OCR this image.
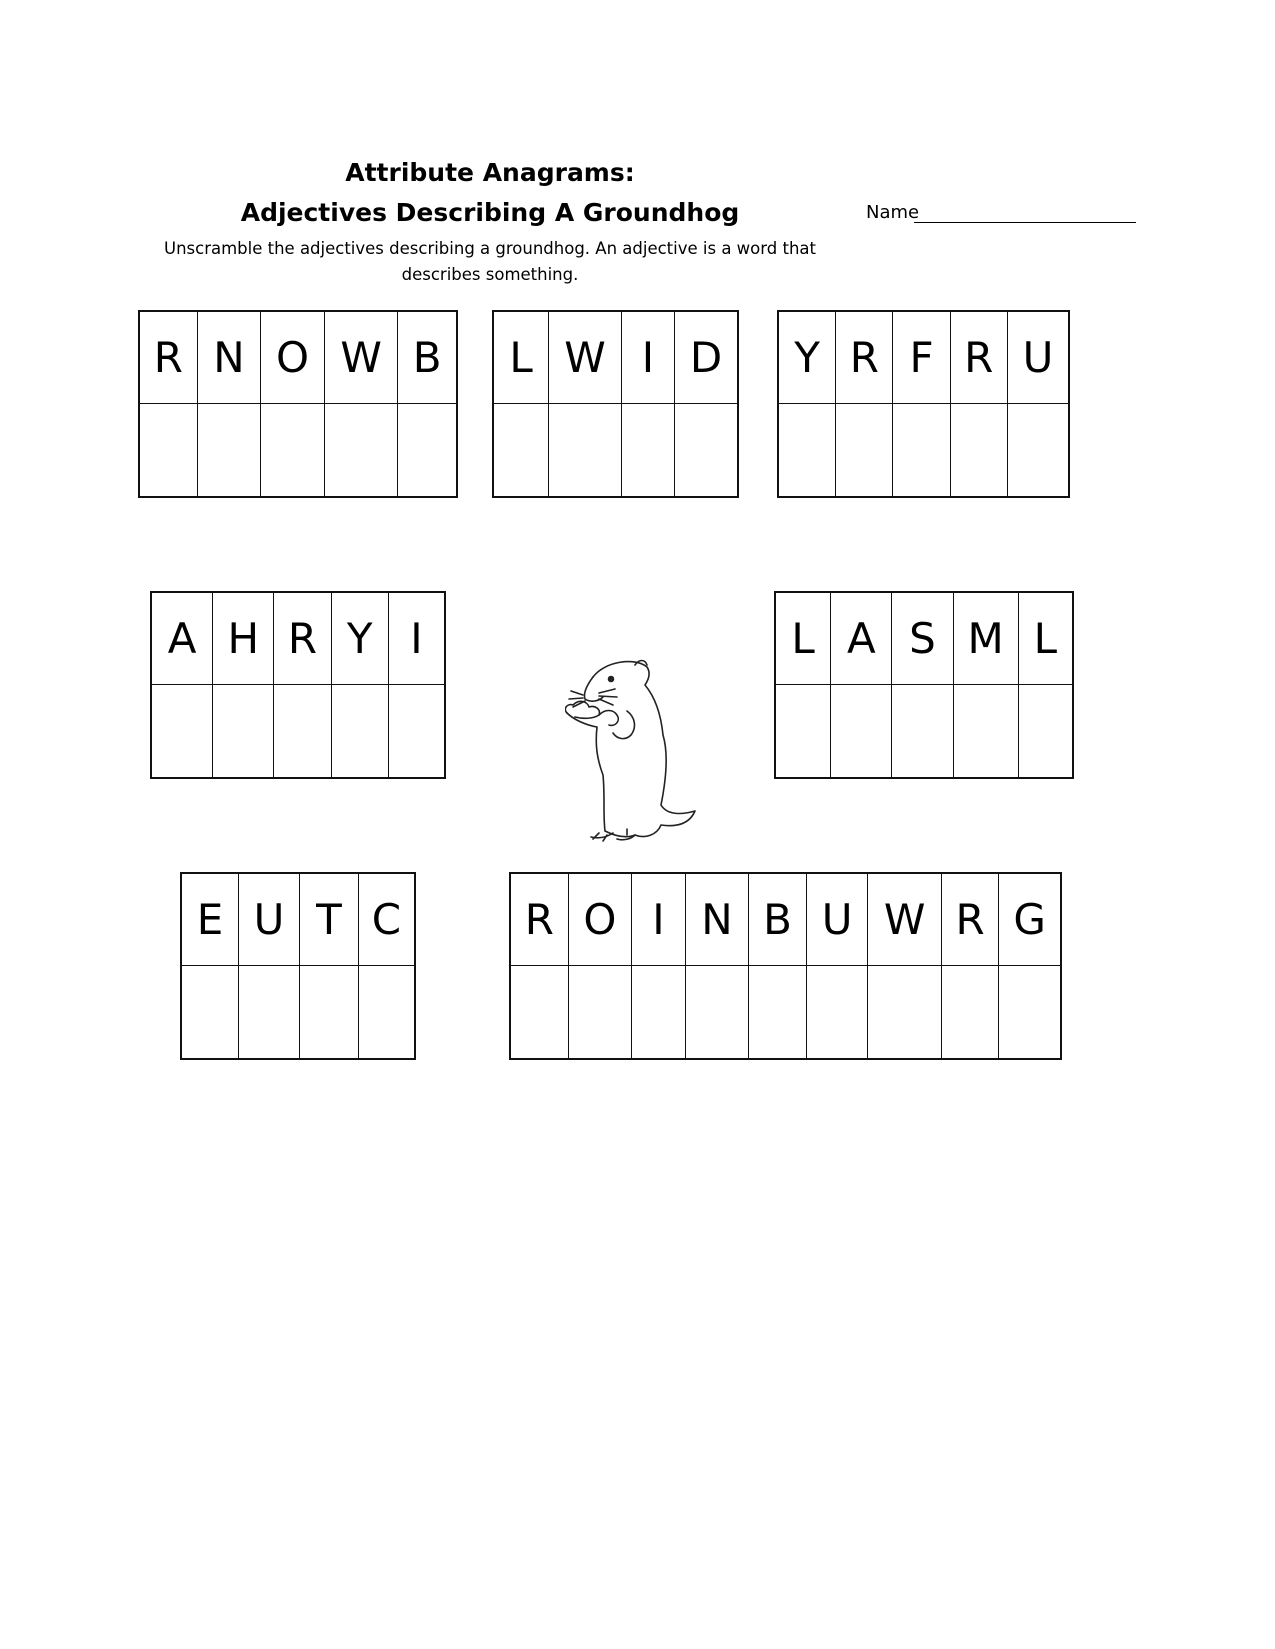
Attribute Anagrams:
Adjectives Describing A Groundhog
Unscramble the adjectives describing a groundhog. An adjective is a word that
describes something.
Name
R N O W B	L W I D	Y R F R U
A H R Y I	L A S M L
E U T C	R O I N B U W R G
